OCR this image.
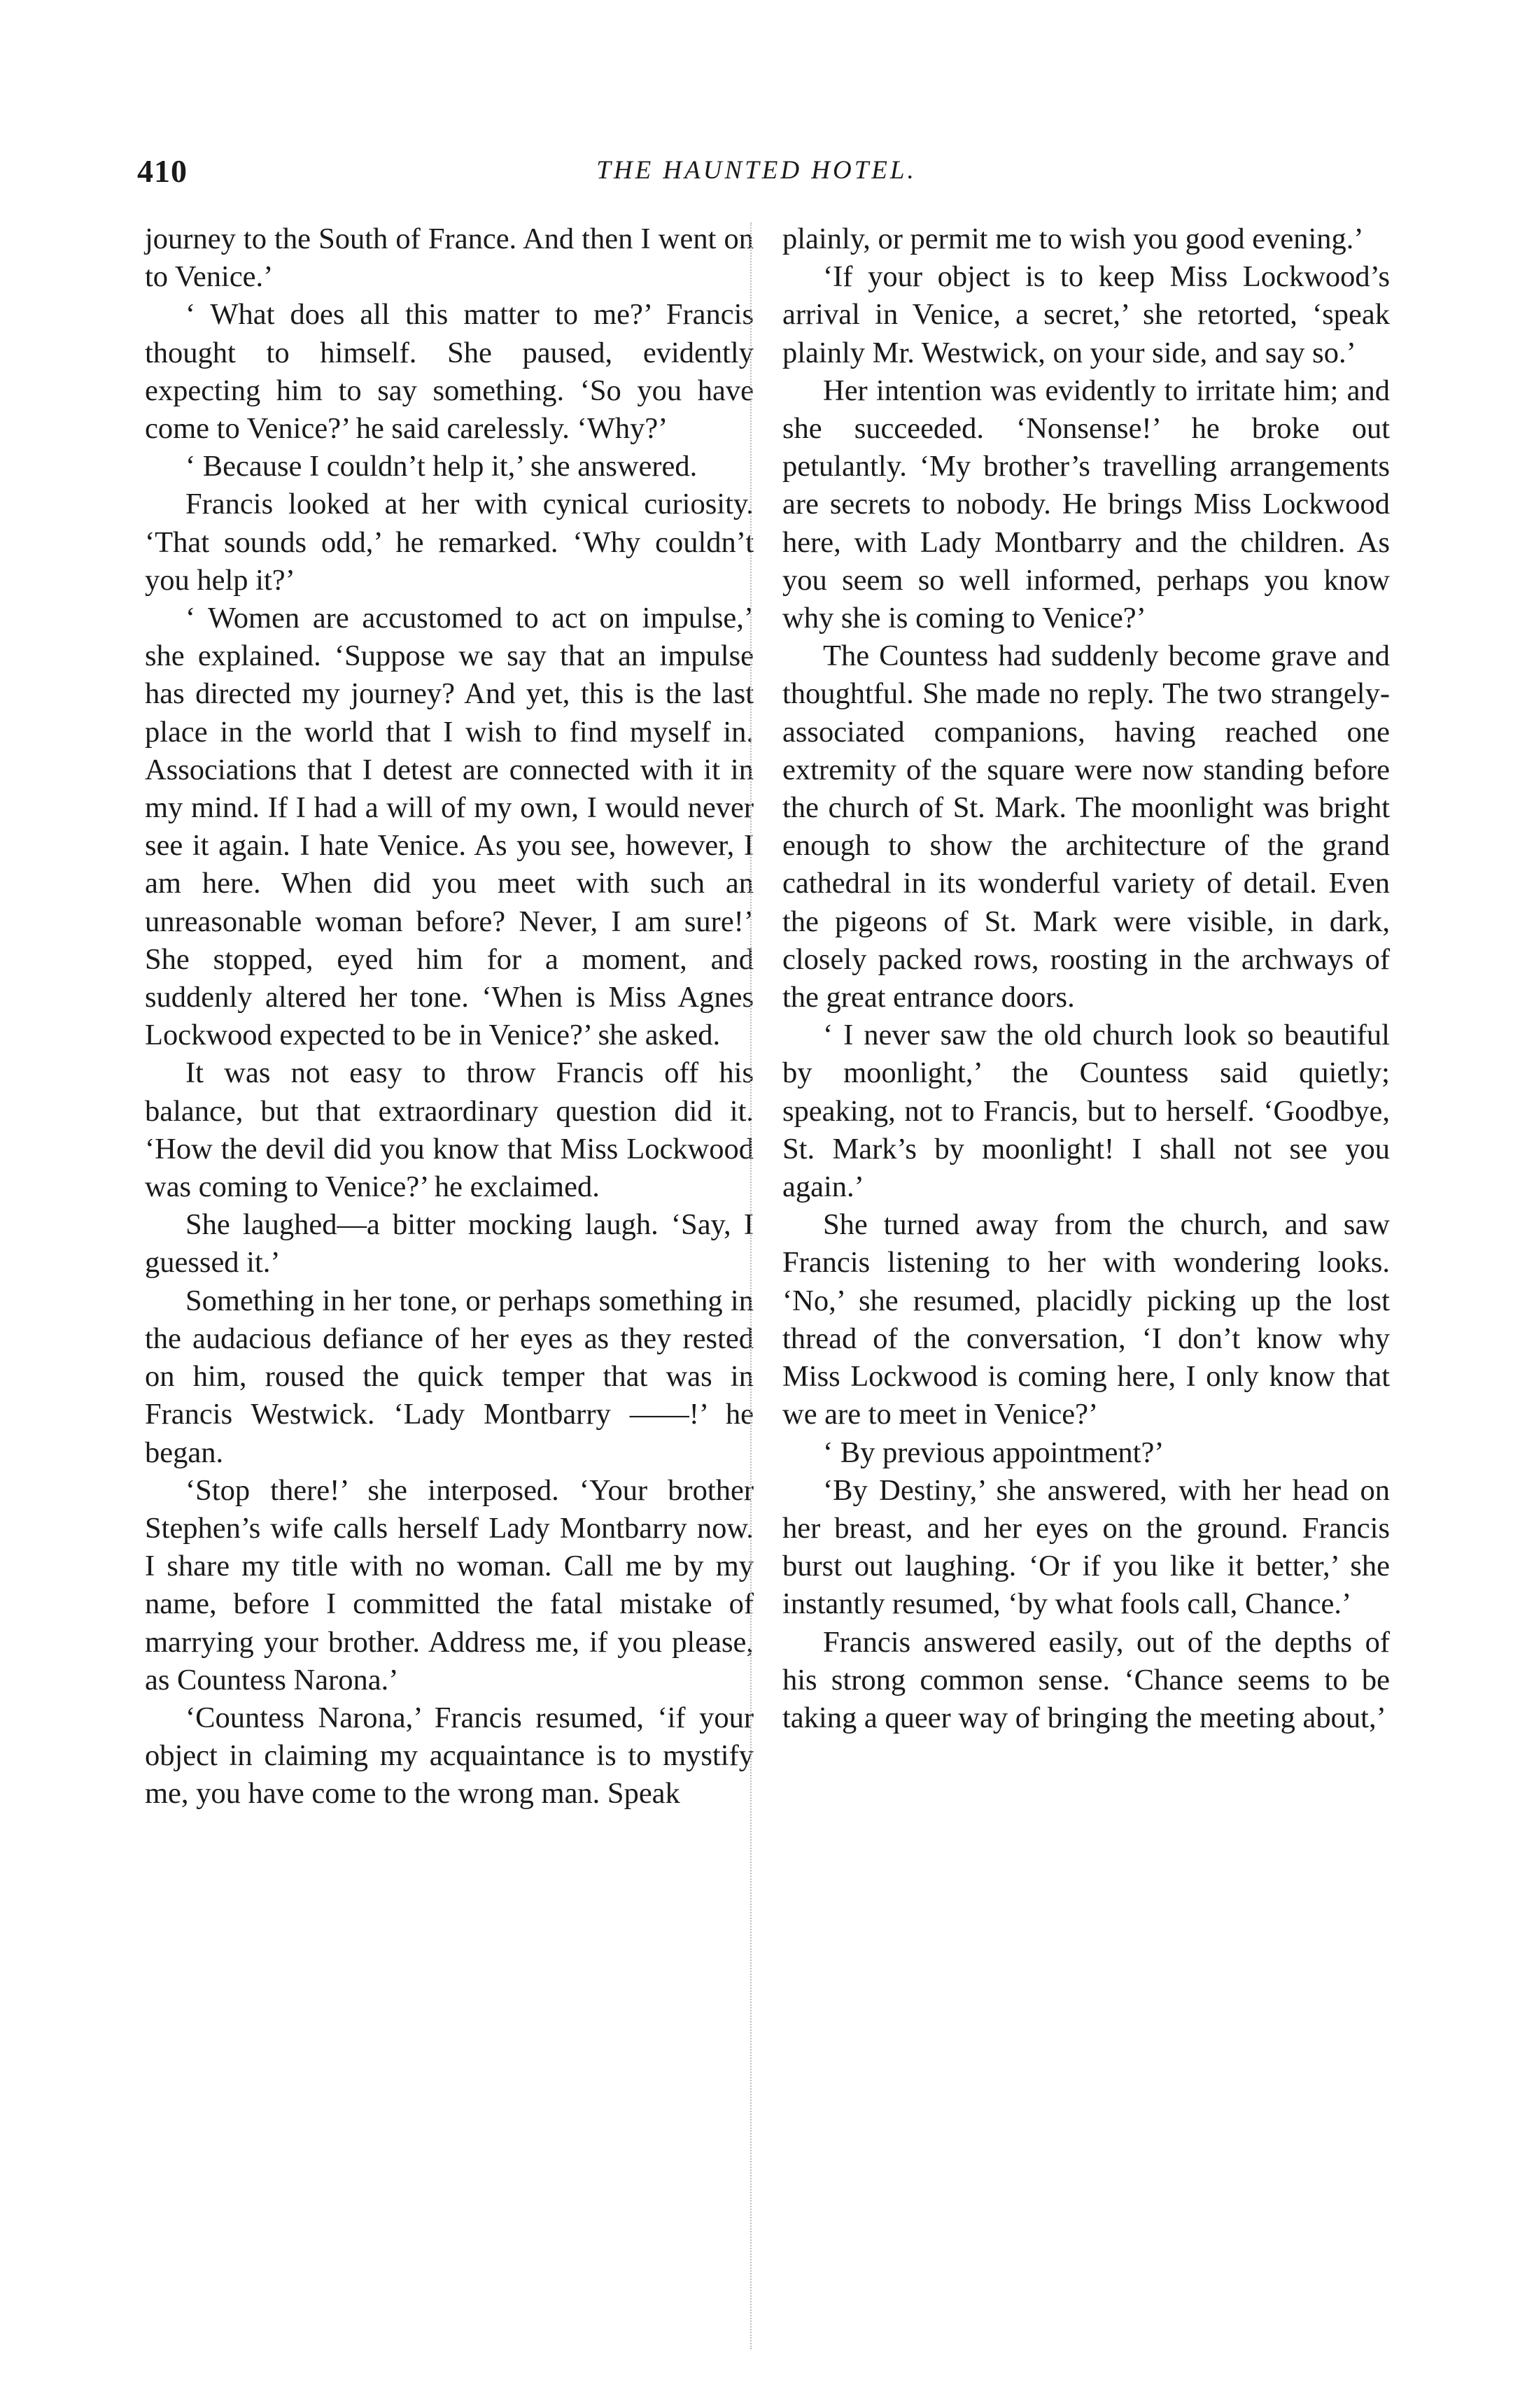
410	THE HAUNTED HOTEL.

journey to the South of France. And then I went on to Venice.’

‘ What does all this matter to me?’ Francis thought to himself. She paused, evidently expecting him to say something. ‘So you have come to Venice?’ he said carelessly. ‘Why?’

‘ Because I couldn’t help it,’ she answered.

Francis looked at her with cynical curiosity. ‘That sounds odd,’ he remarked. ‘Why couldn’t you help it?’

‘ Women are accustomed to act on impulse,’ she explained. ‘Suppose we say that an impulse has directed my journey? And yet, this is the last place in the world that I wish to find myself in. Associations that I detest are connected with it in my mind. If I had a will of my own, I would never see it again. I hate Venice. As you see, however, I am here. When did you meet with such an unreasonable woman before? Never, I am sure!’ She stopped, eyed him for a moment, and suddenly altered her tone. ‘When is Miss Agnes Lockwood expected to be in Venice?’ she asked.

It was not easy to throw Francis off his balance, but that extraordinary question did it. ‘How the devil did you know that Miss Lockwood was coming to Venice?’ he exclaimed.

She laughed—a bitter mocking laugh. ‘Say, I guessed it.’

Something in her tone, or perhaps something in the audacious defiance of her eyes as they rested on him, roused the quick temper that was in Francis Westwick. ‘Lady Montbarry ——!’ he began.

‘Stop there!’ she interposed. ‘Your brother Stephen’s wife calls herself Lady Montbarry now. I share my title with no woman. Call me by my name, before I committed the fatal mistake of marrying your brother. Address me, if you please, as Countess Narona.’

‘Countess Narona,’ Francis resumed, ‘if your object in claiming my acquaintance is to mystify me, you have come to the wrong man. Speak

plainly, or permit me to wish you good evening.’

‘If your object is to keep Miss Lockwood’s arrival in Venice, a secret,’ she retorted, ‘speak plainly Mr. Westwick, on your side, and say so.’

Her intention was evidently to irritate him; and she succeeded. ‘Nonsense!’ he broke out petulantly. ‘My brother’s travelling arrangements are secrets to nobody. He brings Miss Lockwood here, with Lady Montbarry and the children. As you seem so well informed, perhaps you know why she is coming to Venice?’

The Countess had suddenly become grave and thoughtful. She made no reply. The two strangely-associated companions, having reached one extremity of the square were now standing before the church of St. Mark. The moonlight was bright enough to show the architecture of the grand cathedral in its wonderful variety of detail. Even the pigeons of St. Mark were visible, in dark, closely packed rows, roosting in the archways of the great entrance doors.

‘ I never saw the old church look so beautiful by moonlight,’ the Countess said quietly; speaking, not to Francis, but to herself. ‘Goodbye, St. Mark’s by moonlight! I shall not see you again.’

She turned away from the church, and saw Francis listening to her with wondering looks. ‘No,’ she resumed, placidly picking up the lost thread of the conversation, ‘I don’t know why Miss Lockwood is coming here, I only know that we are to meet in Venice?’

‘ By previous appointment?’

‘By Destiny,’ she answered, with her head on her breast, and her eyes on the ground. Francis burst out laughing. ‘Or if you like it better,’ she instantly resumed, ‘by what fools call, Chance.’

Francis answered easily, out of the depths of his strong common sense. ‘Chance seems to be taking a queer way of bringing the meeting about,’
